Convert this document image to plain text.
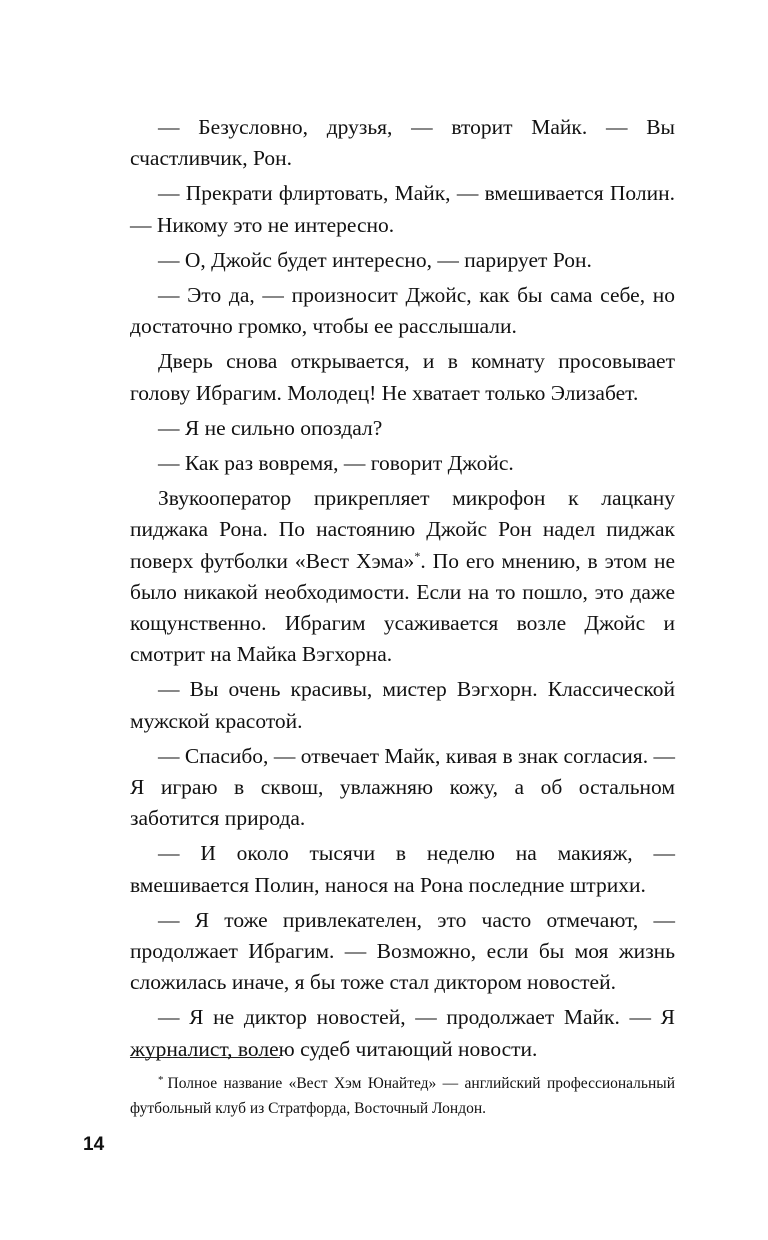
— Безусловно, друзья, — вторит Майк. — Вы счастливчик, Рон.

— Прекрати флиртовать, Майк, — вмешивается Полин. — Никому это не интересно.

— О, Джойс будет интересно, — парирует Рон.

— Это да, — произносит Джойс, как бы сама себе, но достаточно громко, чтобы ее расслышали.

Дверь снова открывается, и в комнату просовывает голову Ибрагим. Молодец! Не хватает только Элизабет.

— Я не сильно опоздал?

— Как раз вовремя, — говорит Джойс.

Звукооператор прикрепляет микрофон к лацкану пиджака Рона. По настоянию Джойс Рон надел пиджак поверх футболки «Вест Хэма»*. По его мнению, в этом не было никакой необходимости. Если на то пошло, это даже кощунственно. Ибрагим усаживается возле Джойс и смотрит на Майка Вэгхорна.

— Вы очень красивы, мистер Вэгхорн. Классической мужской красотой.

— Спасибо, — отвечает Майк, кивая в знак согласия. — Я играю в сквош, увлажняю кожу, а об остальном заботится природа.

— И около тысячи в неделю на макияж, — вмешивается Полин, нанося на Рона последние штрихи.

— Я тоже привлекателен, это часто отмечают, — продолжает Ибрагим. — Возможно, если бы моя жизнь сложилась иначе, я бы тоже стал диктором новостей.

— Я не диктор новостей, — продолжает Майк. — Я журналист, волею судеб читающий новости.

* Полное название «Вест Хэм Юнайтед» — английский профессиональный футбольный клуб из Стратфорда, Восточный Лондон.

14
